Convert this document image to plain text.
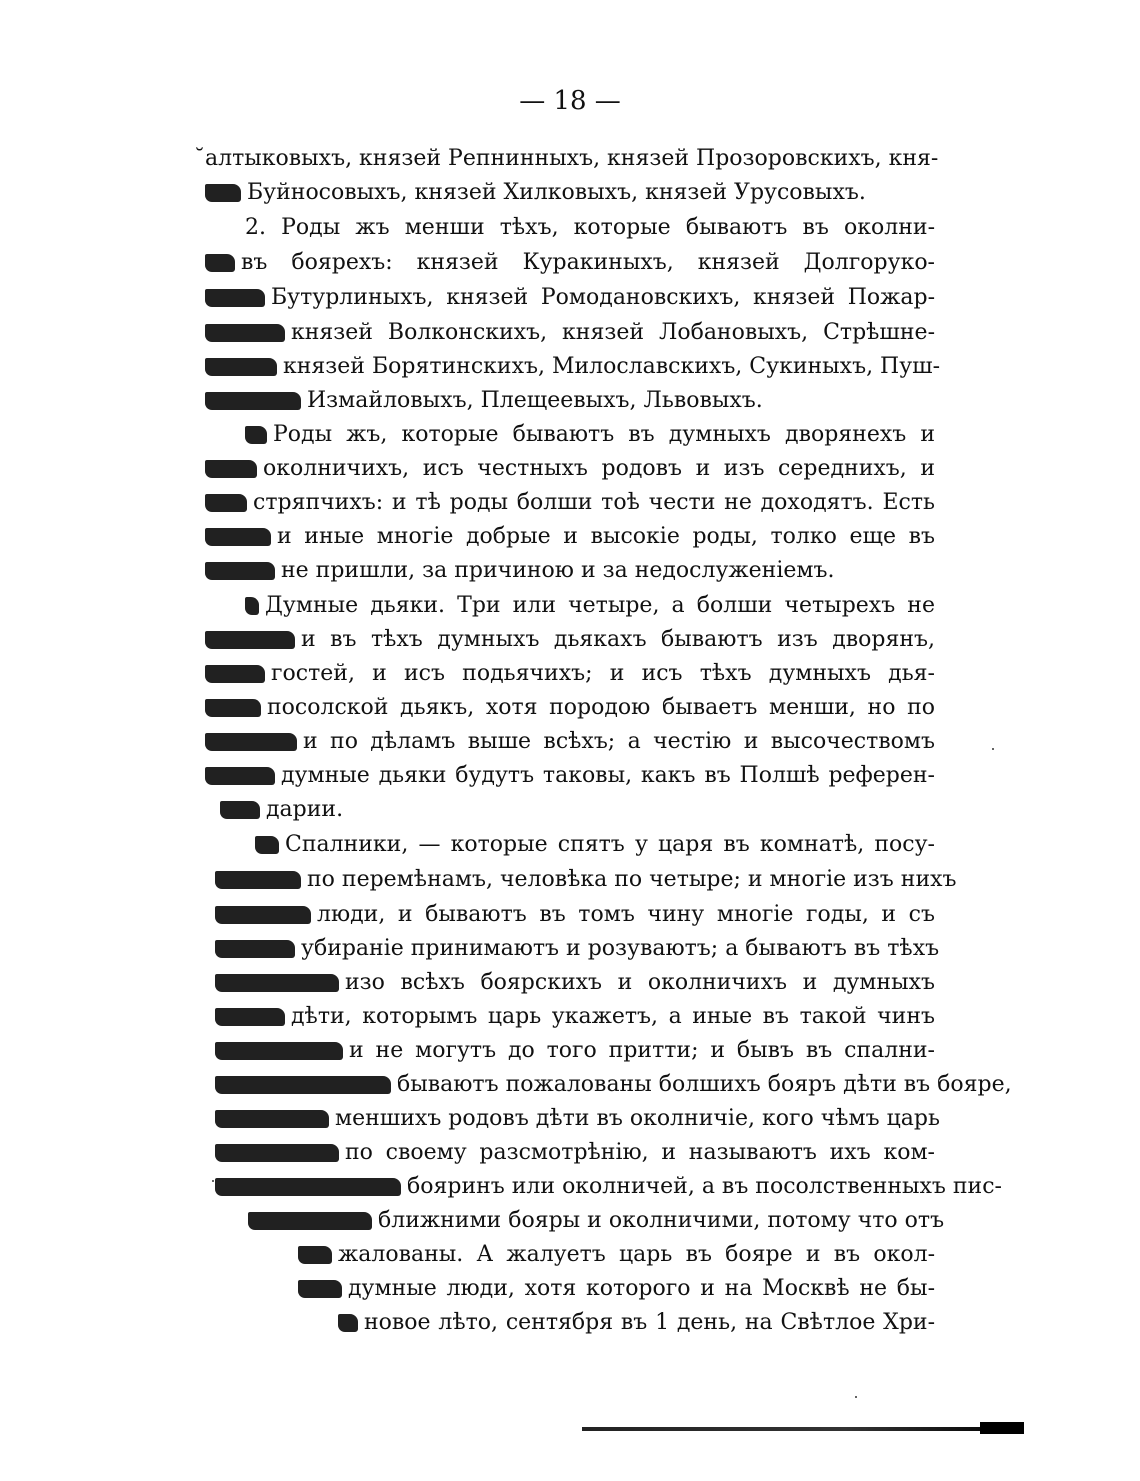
— 18 —
̆алтыковыхъ, князей Репнинныхъ, князей Прозоровскихъ, кня-
Буйносовыхъ, князей Хилковыхъ, князей Урусовыхъ.
2. Роды жъ менши тѣхъ, которые бываютъ въ околни-
въ боярехъ: князей Куракиныхъ, князей Долгоруко-
Бутурлиныхъ, князей Ромодановскихъ, князей Пожар-
князей Волконскихъ, князей Лобановыхъ, Стрѣшне-
князей Борятинскихъ, Милославскихъ, Сукиныхъ, Пуш-
Измайловыхъ, Плещеевыхъ, Львовыхъ.
Роды жъ, которые бываютъ въ думныхъ дворянехъ и
околничихъ, исъ честныхъ родовъ и изъ середнихъ, и
стряпчихъ: и тѣ роды болши тоѣ чести не доходятъ. Есть
и иные многіе добрые и высокіе роды, толко еще въ
не пришли, за причиною и за недослуженіемъ.
Думные дьяки. Три или четыре, а болши четырехъ не
и въ тѣхъ думныхъ дьякахъ бываютъ изъ дворянъ,
гостей, и исъ подьячихъ; и исъ тѣхъ думныхъ дья-
посолской дьякъ, хотя породою бываетъ менши, но по
и по дѣламъ выше всѣхъ; а честію и высочествомъ
думные дьяки будутъ таковы, какъ въ Полшѣ референ-
дарии.
Спалники, — которые спятъ у царя въ комнатѣ, посу-
по перемѣнамъ, человѣка по четыре; и многіе изъ нихъ
люди, и бываютъ въ томъ чину многіе годы, и съ
убираніе принимаютъ и розуваютъ; а бываютъ въ тѣхъ
изо всѣхъ боярскихъ и околничихъ и думныхъ
дѣти, которымъ царь укажетъ, а иные въ такой чинъ
и не могутъ до того притти; и бывъ въ спални-
бываютъ пожалованы болшихъ бояръ дѣти въ бояре,
меншихъ родовъ дѣти въ околничіе, кого чѣмъ царь
по своему разсмотрѣнію, и называютъ ихъ ком-
бояринъ или околничей, а въ посолственныхъ пис-
ближними бояры и околничими, потому что отъ
жалованы. А жалуетъ царь въ бояре и въ окол-
думные люди, хотя которого и на Москвѣ не бы-
новое лѣто, сентября въ 1 день, на Свѣтлое Хри-
